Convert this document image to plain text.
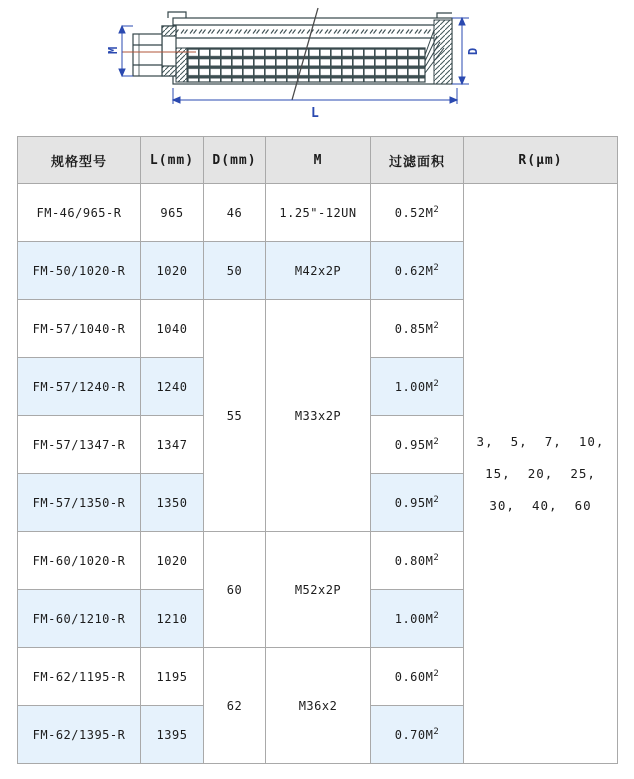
M	D
L
规格型号	L(mm)	D(mm)	M	过滤面积	R(μm)
FM-46/965-R	965	46	1.25"-12UN	$0.52M^2$	3,  5,  7,  10,
15,  20,  25,
30,  40,  60

FM-50/1020-R	1020	50	M42x2P	$0.62M^2$
FM-57/1040-R	1040	55	M33x2P	$0.85M^2$
FM-57/1240-R	1240			$1.00M^2$
FM-57/1347-R	1347			$0.95M^2$
FM-57/1350-R	1350			$0.95M^2$
FM-60/1020-R	1020	60	M52x2P	$0.80M^2$
FM-60/1210-R	1210			$1.00M^2$
FM-62/1195-R	1195	62	M36x2	$0.60M^2$
FM-62/1395-R	1395			$0.70M^2$
